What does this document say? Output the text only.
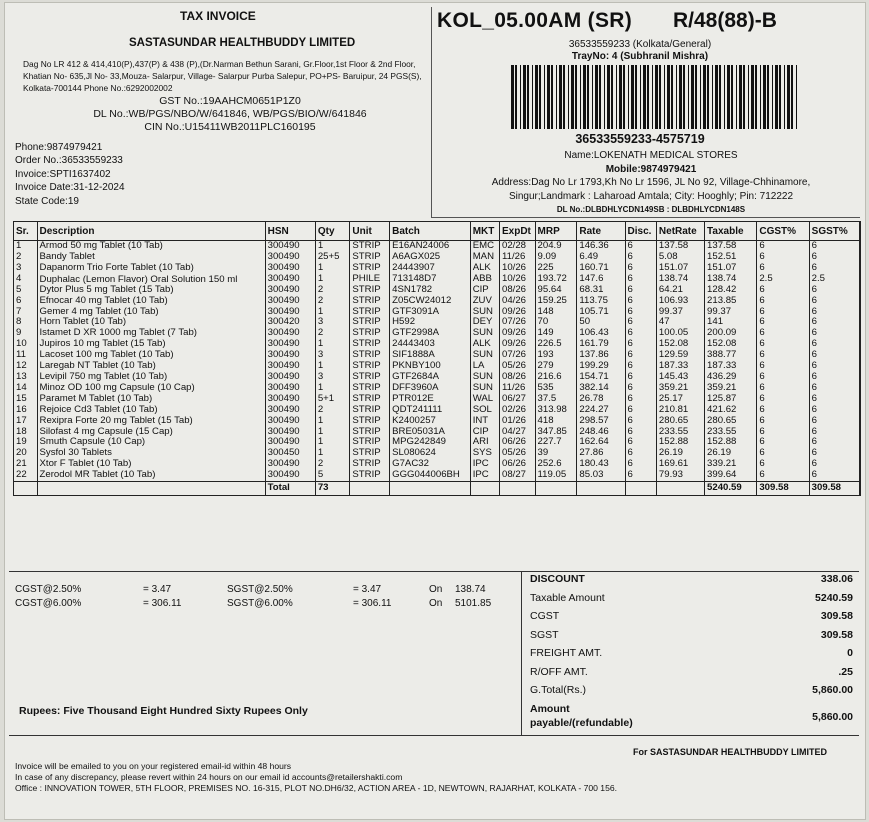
TAX INVOICE
SASTASUNDAR HEALTHBUDDY LIMITED
Dag No LR 412 & 414,410(P),437(P) & 438 (P),(Dr.Narman Bethun Sarani, Gr.Floor,1st Floor & 2nd Floor, Khatian No- 635,Jl No- 33,Mouza- Salarpur, Village- Salarpur Purba Salepur, PO+PS- Baruipur, 24 PGS(S), Kolkata-700144 Phone No.:6292002002
GST No.:19AAHCM0651P1Z0
DL No.:WB/PGS/NBO/W/641846, WB/PGS/BIO/W/641846
CIN No.:U15411WB2011PLC160195
Phone:9874979421
Order No.:36533559233
Invoice:SPTI1637402
Invoice Date:31-12-2024
State Code:19
KOL_05.00AM (SR) R/48(88)-B
36533559233 (Kolkata/General)
TrayNo: 4 (Subhranil Mishra)
36533559233-4575719
Name:LOKENATH MEDICAL STORES
Mobile:9874979421
Address:Dag No Lr 1793,Kh No Lr 1596, JL No 92, Village-Chhinamore,
Singur;Landmark : Laharoad Amtala; City: Hooghly; Pin: 712222
DL No.:DLBDHLYCDN149SB : DLBDHLYCDN148S
Sr.	Description	HSN	Qty	Unit	Batch	MKT	ExpDt	MRP	Rate	Disc.	NetRate	Taxable	CGST%	SGST%
1	Armod 50 mg Tablet (10 Tab)	300490	1	STRIP	E16AN24006	EMC	02/28	204.9	146.36	6	137.58	137.58	6	6
2	Bandy Tablet	300490	25+5	STRIP	A6AGX025	MAN	11/26	9.09	6.49	6	5.08	152.51	6	6
3	Dapanorm Trio Forte Tablet (10 Tab)	300490	1	STRIP	24443907	ALK	10/26	225	160.71	6	151.07	151.07	6	6
4	Duphalac (Lemon Flavor) Oral Solution 150 ml	300490	1	PHILE	713148D7	ABB	10/26	193.72	147.6	6	138.74	138.74	2.5	2.5
5	Dytor Plus 5 mg Tablet (15 Tab)	300490	2	STRIP	4SN1782	CIP	08/26	95.64	68.31	6	64.21	128.42	6	6
6	Efnocar 40 mg Tablet (10 Tab)	300490	2	STRIP	Z05CW24012	ZUV	04/26	159.25	113.75	6	106.93	213.85	6	6
7	Gemer 4 mg Tablet (10 Tab)	300490	1	STRIP	GTF3091A	SUN	09/26	148	105.71	6	99.37	99.37	6	6
8	Horn Tablet (10 Tab)	300420	3	STRIP	H592	DEY	07/26	70	50	6	47	141	6	6
9	Istamet D XR 1000 mg Tablet (7 Tab)	300490	2	STRIP	GTF2998A	SUN	09/26	149	106.43	6	100.05	200.09	6	6
10	Jupiros 10 mg Tablet (15 Tab)	300490	1	STRIP	24443403	ALK	09/26	226.5	161.79	6	152.08	152.08	6	6
11	Lacoset 100 mg Tablet (10 Tab)	300490	3	STRIP	SIF1888A	SUN	07/26	193	137.86	6	129.59	388.77	6	6
12	Laregab NT Tablet (10 Tab)	300490	1	STRIP	PKNBY100	LA	05/26	279	199.29	6	187.33	187.33	6	6
13	Levipil 750 mg Tablet (10 Tab)	300490	3	STRIP	GTF2684A	SUN	08/26	216.6	154.71	6	145.43	436.29	6	6
14	Minoz OD 100 mg Capsule (10 Cap)	300490	1	STRIP	DFF3960A	SUN	11/26	535	382.14	6	359.21	359.21	6	6
15	Paramet M Tablet (10 Tab)	300490	5+1	STRIP	PTR012E	WAL	06/27	37.5	26.78	6	25.17	125.87	6	6
16	Rejoice Cd3 Tablet (10 Tab)	300490	2	STRIP	QDT241111	SOL	02/26	313.98	224.27	6	210.81	421.62	6	6
17	Rexipra Forte 20 mg Tablet (15 Tab)	300490	1	STRIP	K2400257	INT	01/26	418	298.57	6	280.65	280.65	6	6
18	Silofast 4 mg Capsule (15 Cap)	300490	1	STRIP	BRE05031A	CIP	04/27	347.85	248.46	6	233.55	233.55	6	6
19	Smuth Capsule (10 Cap)	300490	1	STRIP	MPG242849	ARI	06/26	227.7	162.64	6	152.88	152.88	6	6
20	Sysfol 30 Tablets	300450	1	STRIP	SL080624	SYS	05/26	39	27.86	6	26.19	26.19	6	6
21	Xtor F Tablet (10 Tab)	300490	2	STRIP	G7AC32	IPC	06/26	252.6	180.43	6	169.61	339.21	6	6
22	Zerodol MR Tablet (10 Tab)	300490	5	STRIP	GGG044006BH	IPC	08/27	119.05	85.03	6	79.93	399.64	6	6
		Total	73									5240.59	309.58	309.58
CGST@2.50%	= 3.47	SGST@2.50%	= 3.47	On 138.74
CGST@6.00%	= 306.11	SGST@6.00%	= 306.11	On 5101.85
DISCOUNT	338.06
Taxable Amount	5240.59
CGST	309.58
SGST	309.58
FREIGHT AMT.	0
R/OFF AMT.	.25
G.Total(Rs.)	5,860.00
Amount
payable/(refundable)	5,860.00
Rupees: Five Thousand Eight Hundred Sixty Rupees Only
For SASTASUNDAR HEALTHBUDDY LIMITED
Invoice will be emailed to you on your registered email-id within 48 hours
In case of any discrepancy, please revert within 24 hours on our email id accounts@retailershakti.com
Office : INNOVATION TOWER, 5TH FLOOR, PREMISES NO. 16-315, PLOT NO.DH6/32, ACTION AREA - 1D, NEWTOWN, RAJARHAT, KOLKATA - 700 156.
